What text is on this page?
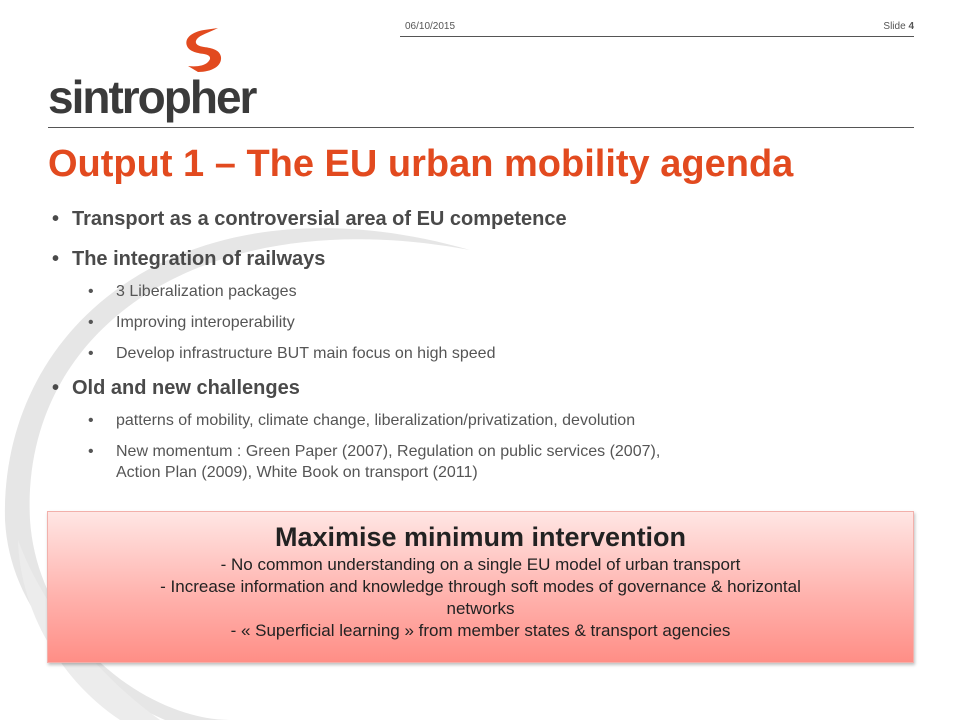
06/10/2015	Slide 4
sintropher
Output 1 – The EU urban mobility agenda
• Transport as a controversial area of EU competence
• The integration of railways
• 3 Liberalization packages
• Improving interoperability
• Develop infrastructure BUT main focus on high speed
• Old and new challenges
• patterns of mobility, climate change, liberalization/privatization, devolution
• New momentum : Green Paper (2007), Regulation on public services (2007),
Action Plan (2009), White Book on transport (2011)
Maximise minimum intervention
- No common understanding on a single EU model of urban transport
- Increase information and knowledge through soft modes of governance & horizontal
networks
- « Superficial learning » from member states & transport agencies
